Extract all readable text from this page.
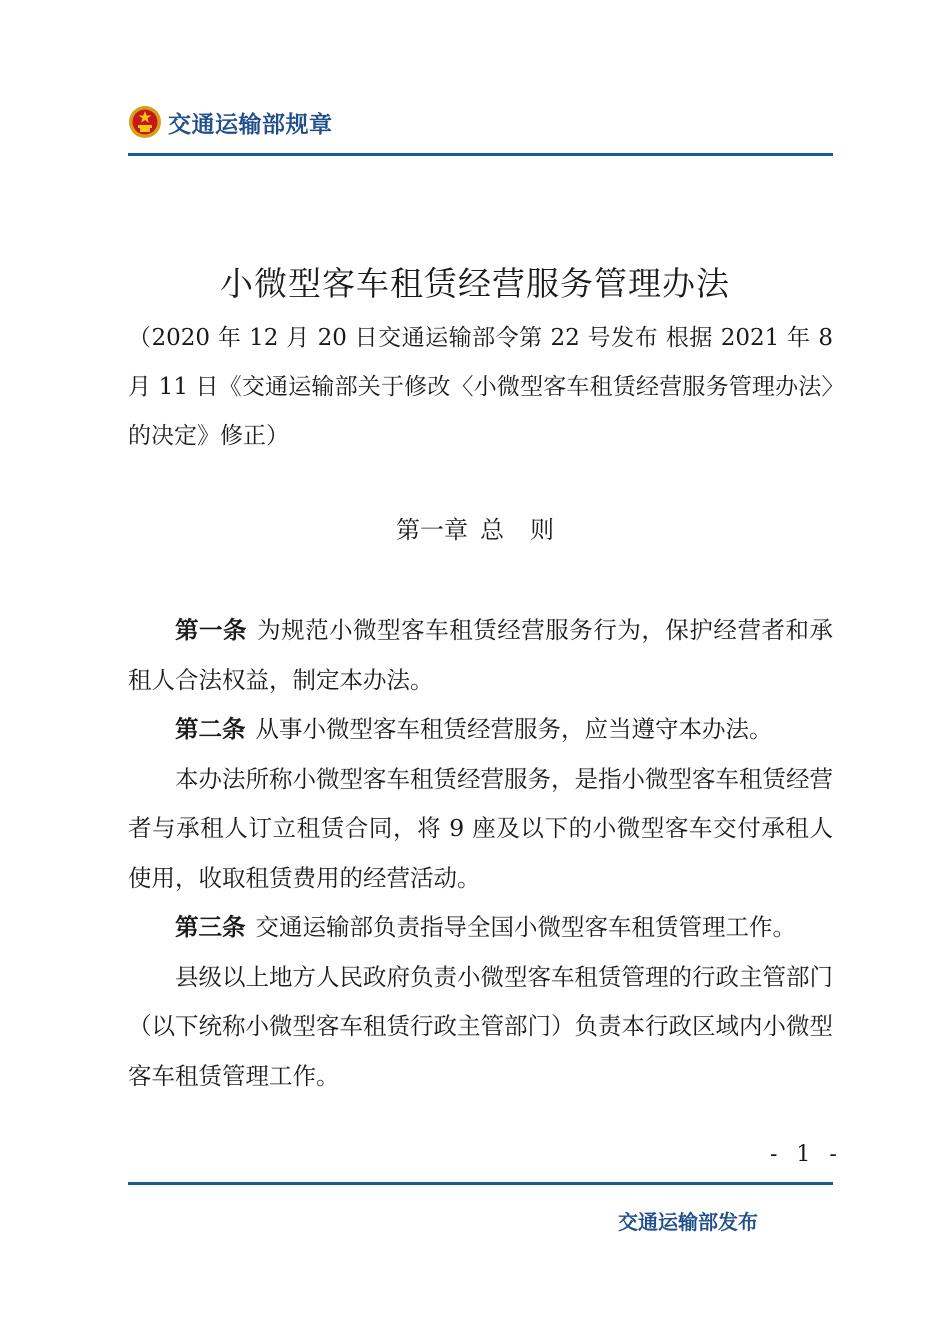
交通运输部规章
小微型客车租赁经营服务管理办法
（2020 年 12 月 20 日交通运输部令第 22 号发布 根据 2021 年 8 月 11 日《交通运输部关于修改〈小微型客车租赁经营服务管理办法〉的决定》修正）
第一章 总 则

第一条 为规范小微型客车租赁经营服务行为，保护经营者和承租人合法权益，制定本办法。

第二条 从事小微型客车租赁经营服务，应当遵守本办法。

本办法所称小微型客车租赁经营服务，是指小微型客车租赁经营者与承租人订立租赁合同，将 9 座及以下的小微型客车交付承租人使用，收取租赁费用的经营活动。

第三条 交通运输部负责指导全国小微型客车租赁管理工作。

县级以上地方人民政府负责小微型客车租赁管理的行政主管部门（以下统称小微型客车租赁行政主管部门）负责本行政区域内小微型客车租赁管理工作。

- 1 -
交通运输部发布
